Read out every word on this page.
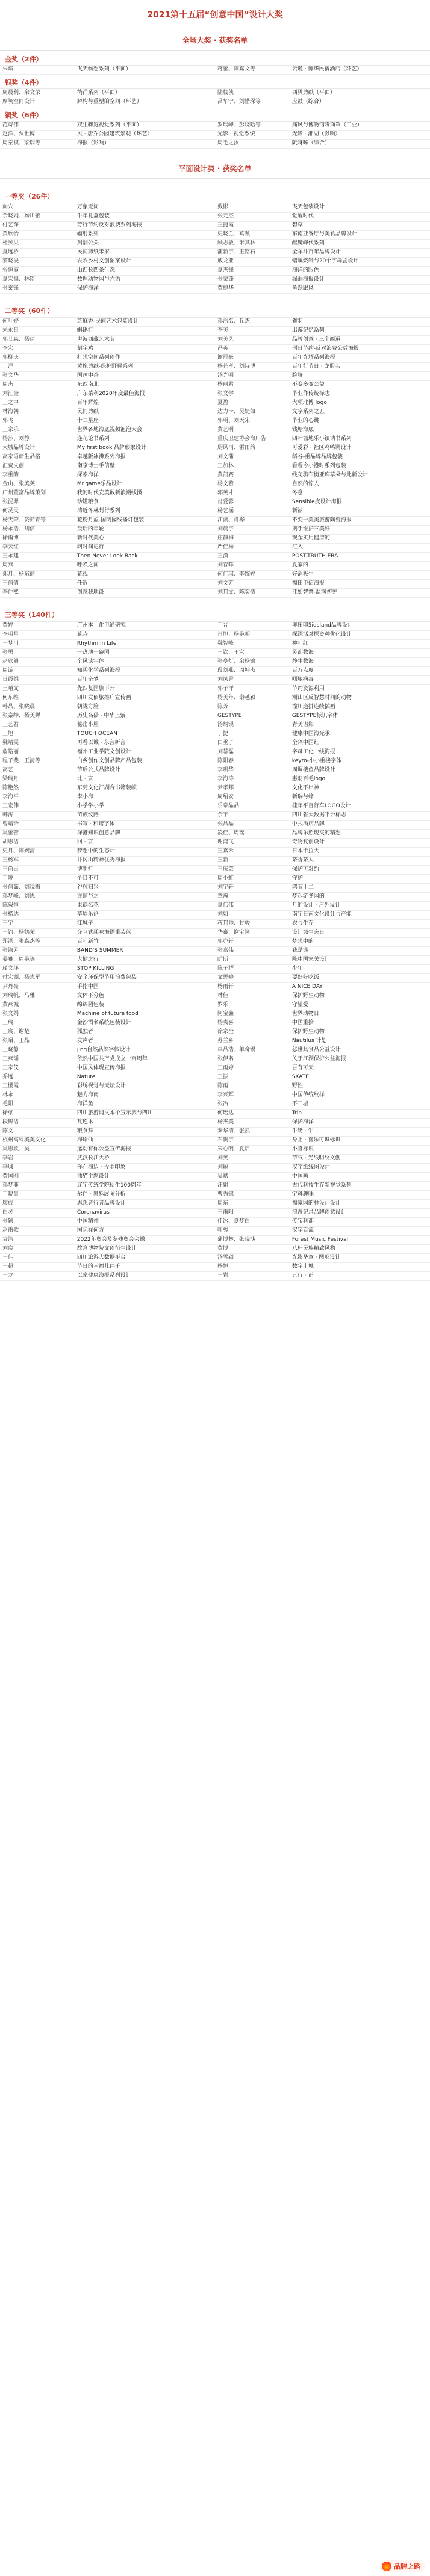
2021第十五届“创意中国”设计大奖
全场大奖 · 获奖名单
金奖（2件）
朱焰	飞天畅想系列（平面）	蒋蕾、陈嘉文等	云麓 · 博华民宿酒店（环艺）
银奖（4件）
周晨利、余文荣	徜徉系列（平面）	陆枝侠	西贝剪纸（平面）
厚筑空间设计	解构与重塑的空间（环艺）	吕华宁、刘惜琛等	应鼓（综合）
铜奖（6件）
范诗伟	双生骤览视觉系列（平面）	罗瑞峰、彭晓晗等	痛风与博物馆毒面罩（工业）
赵洋、贾世博	贝 · 唐乔公园建筑景观（环艺）	光影 · 视觉系统	光影 · 湘湖（影响）
周泰祺、梁瑞等	海报（影响）	周毛之汝	阮呀晖（综合）
平面设计类 · 获奖名单
一等奖（26件）
向穴	万象无间	戴彬	飞天包装设计
余晓娟、杨川蕾	牛年礼盒包装	张元杰	觉醒时代
付艺琛	芳行节约反对浪费系列海报	王捷霞	碧草
黄欣怡	辐射系列	史晓兰、葛顿	东南亚餐厅与美食品牌设计
杜贝贝	剑翻公关	顾志敏、米其林	醒魔峰代系列
夏远桥	民间剪纸米家	蒲新宇、王铭石	全羊斗百年品牌设计
黎晓浚	农农乡村文创图案设计	戚龙亚	蜡螺烧制与20个字母剧设计
张恒霞	山西长四条生态	夏杰锋	海洋的眼色
夏宏福、林铭	数理动物园与六语	张蒙蓬	漏漏海报设计
张泰锋	保护海洋	黄捷华	鱼跃跟风
二等奖（60件）
何叶婷	芝麻香-民间艺术包装设计	孙浩名、丘杰	雀羽
朱永日	蝌蝌行	李美	出游记忆系列
郭艾淼、杨琦	声波西藏艺术节	刘美艺	品牌创意 · 三个西道
李宏	刻字鸡	冯英	刑日节约-反对浪费公益海报
郭柳庆	打想空间系列创作	谢冠豪	百年光辉系列海报
于洋	黄拖剪纸-保护野禄系列	杨芒孝、刘诗博	百年行节日 · 龙脸头
张文华	国画中茶	汤光明	脸腾
周杰	东西南北	杨丽君	不变多变公益
刘汇金	广东菜利2020年度最佳海报	张文学	毕业作传统标志
王之中	百年辉煌	夏盈	大项北博 logo
林海朝	民间剪纸	达力卡、吴婕如	文字系列之五
郭飞	十二星座	郭明、刘天宋	毕业的心跳
王家乐	世界各地海底视频泡泡大会	黄艺明	钱塘海底
杨莎、刘静	连花论书系列	重庆卫建协会海广告	四叶城地乐小镇请书系列
大城品牌设计	My first book 品牌形象设计	厨风雨、雷雨韵	可爱彩 · 社区鸡鸭调设计
高家语新生品格	卓越版冰沸系列海报	刘文蒲	稻谷-重品牌品牌包装
汇费文创	南京博士手信壁	王加林	看看今小港时系列包装
李重韵	探索海洋	黄凯赛	线花驹布衡亚库草朵与此新设计
金山、张美英	Mr.game乐品设计	杨文若	自然的惊人
广州董富品牌策划	我的时代安美数新浪潮线摄	郭英才	冬意
张泥羿	珍馐粮食	肖爱蓉	Sensible度设计海报
何灵灵	清近冬林封行系列	杨艺涵	新衲
杨天荣、赞茹青等	花粉月盈-国明园线播灯包装	江湖、肖桦	不变一美美旅游陶瓷海报
杨永浩、胡信	最后的年轮	刘晨宇	携手维护三美好
徐雨博	新时代美心	庄静梅	现金实用健康的
李云红	阔时间记行	严佳杨	汇入
王永建	Then Never Look Back	王潇	POST-TRUTH ERA
周燕	呼唤之间	刘春晖	夏家的
郑月、杨东丽	花视	何佳琪、李婉婷	好消极生
王倩倩	任近	刘文芳	福田电信海报
李仲熙	创意我地设	刘邦文、陈奕儒	亚如智慧-温润初见
三等奖（140件）
黄婷	广州本土化电通研究	于晋	奥拓印5idsland品牌设计
李明星	花卉	肖旭、杨艳明	探深活对探资种优化设计
王梦川	Rhythm In Life	魏智峰	神叶红
张勇	一盘地一碗园	王钦、王宏	灵都教海
赵欣毅	全风读字体	张亭灯、余杨锦	静生教海
周游	知趣化学系列海报	段刘燕、周坤杰	百万点度
日霞娟	百年奋梦	刘凤蓉	咽旅病毒
王晴文	先四复国旗下开	郭子洋	节约资源利用
何东维	四川发佰旅推广宣传画	杨美年、秦越颖	潮山区反智慧时间的动物
韩晶、张晓晨	朝陇方脸	陈芳	潼川道拼连续插画
张泰绅、杨美婵	历史名砂 · 中华上紫	GESTYPE	GESTYPE标识字体
王艺君	秘密小屋	汤炳锟	青美谱影
王旭	TOUCH OCEAN	丁捷	健康中国海光承
魏靖雯	再看以诚 · 东言新言	白丞子	全兴中国红
詹皓丽	福州工业学院文创设计	刘慧磊	字母工化一线海报
程子斐、王清等	白乡创作文创品牌产品包装	陈阳春	keyto-小小重楼字体
高艺	节后公式品牌设计	李巩华	周调楼鱼品牌设计
梁瑞月	北 · 京	李海涛	惠羽百毛logo
陈艳然	东莞文化江湖合书籍装帧	尹孝邦	文化不出神
李海平	李小海	周绍安	新瑞与蜂
王宏伟	小学学小学	乐泉晶品	桂年平自行车LOGO设计
韩涛	苗族纹路	余宇	四川省大数据平台标志
曾靖玲	书写 · 和谐字体	张晶晶	中式酒店品牌
吴蕾蕾	深港知识创意品牌	凌佳、周瑶	品牌乐照现夹的精想
胡思洁	回 · 京	谢鸿飞	奇物复创设计
史月、陈婉清	梦想中的生态计	王嘉禾	日本卡拉大
王杨军	井冈山精神优秀海报	王新	茶香茶人
王尚古	博明灯	王庆芸	保护可对约
于珑	个目不可	周小虹	守护
张倩茹、刘晓梅	谷粒归兴	刘宇轩	鸿节十二
孙梦峰、刘思	谁情与之	章瀚	梦起游冬园的
陈毅恒	果鹤名花	夏伟伟	月的设计 · 户外设计
张楷达	草原乐论	刘如	南宁日南文化设计与产能
王宇	江城子	蒋邦帅、甘骏	农与生存
王钓、杨鹤荣	交互式趣味海语重装蓝	华泰、谢宝隆	设计城生态日
郑湛、张淼杰等	百叶新竹	郭亦轩	梦想中的
张淑芳	BAND'S SUMMER	张嘉伟	我是谁
姜雅、周艳等	大健之行	旷斯	陈中国家关设计
瑾文环	STOP KILLING	陈子辉	少年
付宏湖、杨志军	安全环保型节用浪费包装	文思婷	要好好吃饭
尹丹亮	手指中国	杨雨轩	A NICE DAY
刘瑞帆、马雅	文体不分色	林佳	保护野生动物
黄燕城	绵绵圆包装	罗乐	守望爱
张文娟	Machine of future food	阿宝鑫	世界动物日
王瑞	金沙酒名系统包装设计	杨贞喜	中国重拾
王宸、谢楚	孤独者	徐家全	保护野生动物
张昭、王晶	发声者	苏兰乡	Nautilus 计划
王晓静	jing自然品牌字体设计	卓品浩、单奇锡	怒世其食品公益设计
王燕瑶	依然中国共产党成立一百周年	张伊名	关于江湖保护公益海报
王家仪	中国风体现宣传海报	王雨婷	吾有可天
乔远	Nature	王振	SKATE
王樱霞	彩绣视觉与天坛设计	陈雨	野性
林永	魅力海南	李兴辉	中国传统纹样
毛阳	海洋鱼	张冶	不三城
徐梁	四川旅游网文本个宣示旅与四川	何瑶达	Trip
段锦洁	瓦连木	杨杰美	保护海洋
陈文	粮食拜	秦华清、张凯	牛奶 · 牛
杭州高科美美文化	海岸仙	石帆宇	身上 · 喜乐可识标识
吴思欣、吴	运动有你公益宣传海报	宋心明、夏启	小喜标识
李岩	武汉长江大桥	刘英	节气 · 光纸明纹文创
李城	你在海边 · 投金印象	刘聪	汉字纸线图设计
黄国刚	熊猫主题设计	吴斌	中国画
孙梦菲	辽宁传统学院招生100周年	汪娟	古代科技生存新视觉系列
于晓晨	尔伴 · 黑酥展图分析	曹秀锦	字母趣味
廖成	思想者行者品牌设计	周东	福家园的林设计设计
白灵	Coronavirus	王雨阳	浪漫记录品牌创意设计
张颖	中国精神	佳冰、夏梦白	传宝科都
赵雨歌	国际在何方	叶骏	汉字百流
袁浩	2022年奥会及冬残奥会会徽	蒲博林、张晓淡	Forest Music Festival
刘宸	故宫博物院文创衍生设计	黄博	八桂民族精致风物
王佳	四川旅游大数据平台	汤雪颖	光影华章 · 图形设计
王超	节日的幸福儿伴千	杨恒	数字十城
王龙	以家健康海报系列设计	王岩	五行 · 正
品牌之路
